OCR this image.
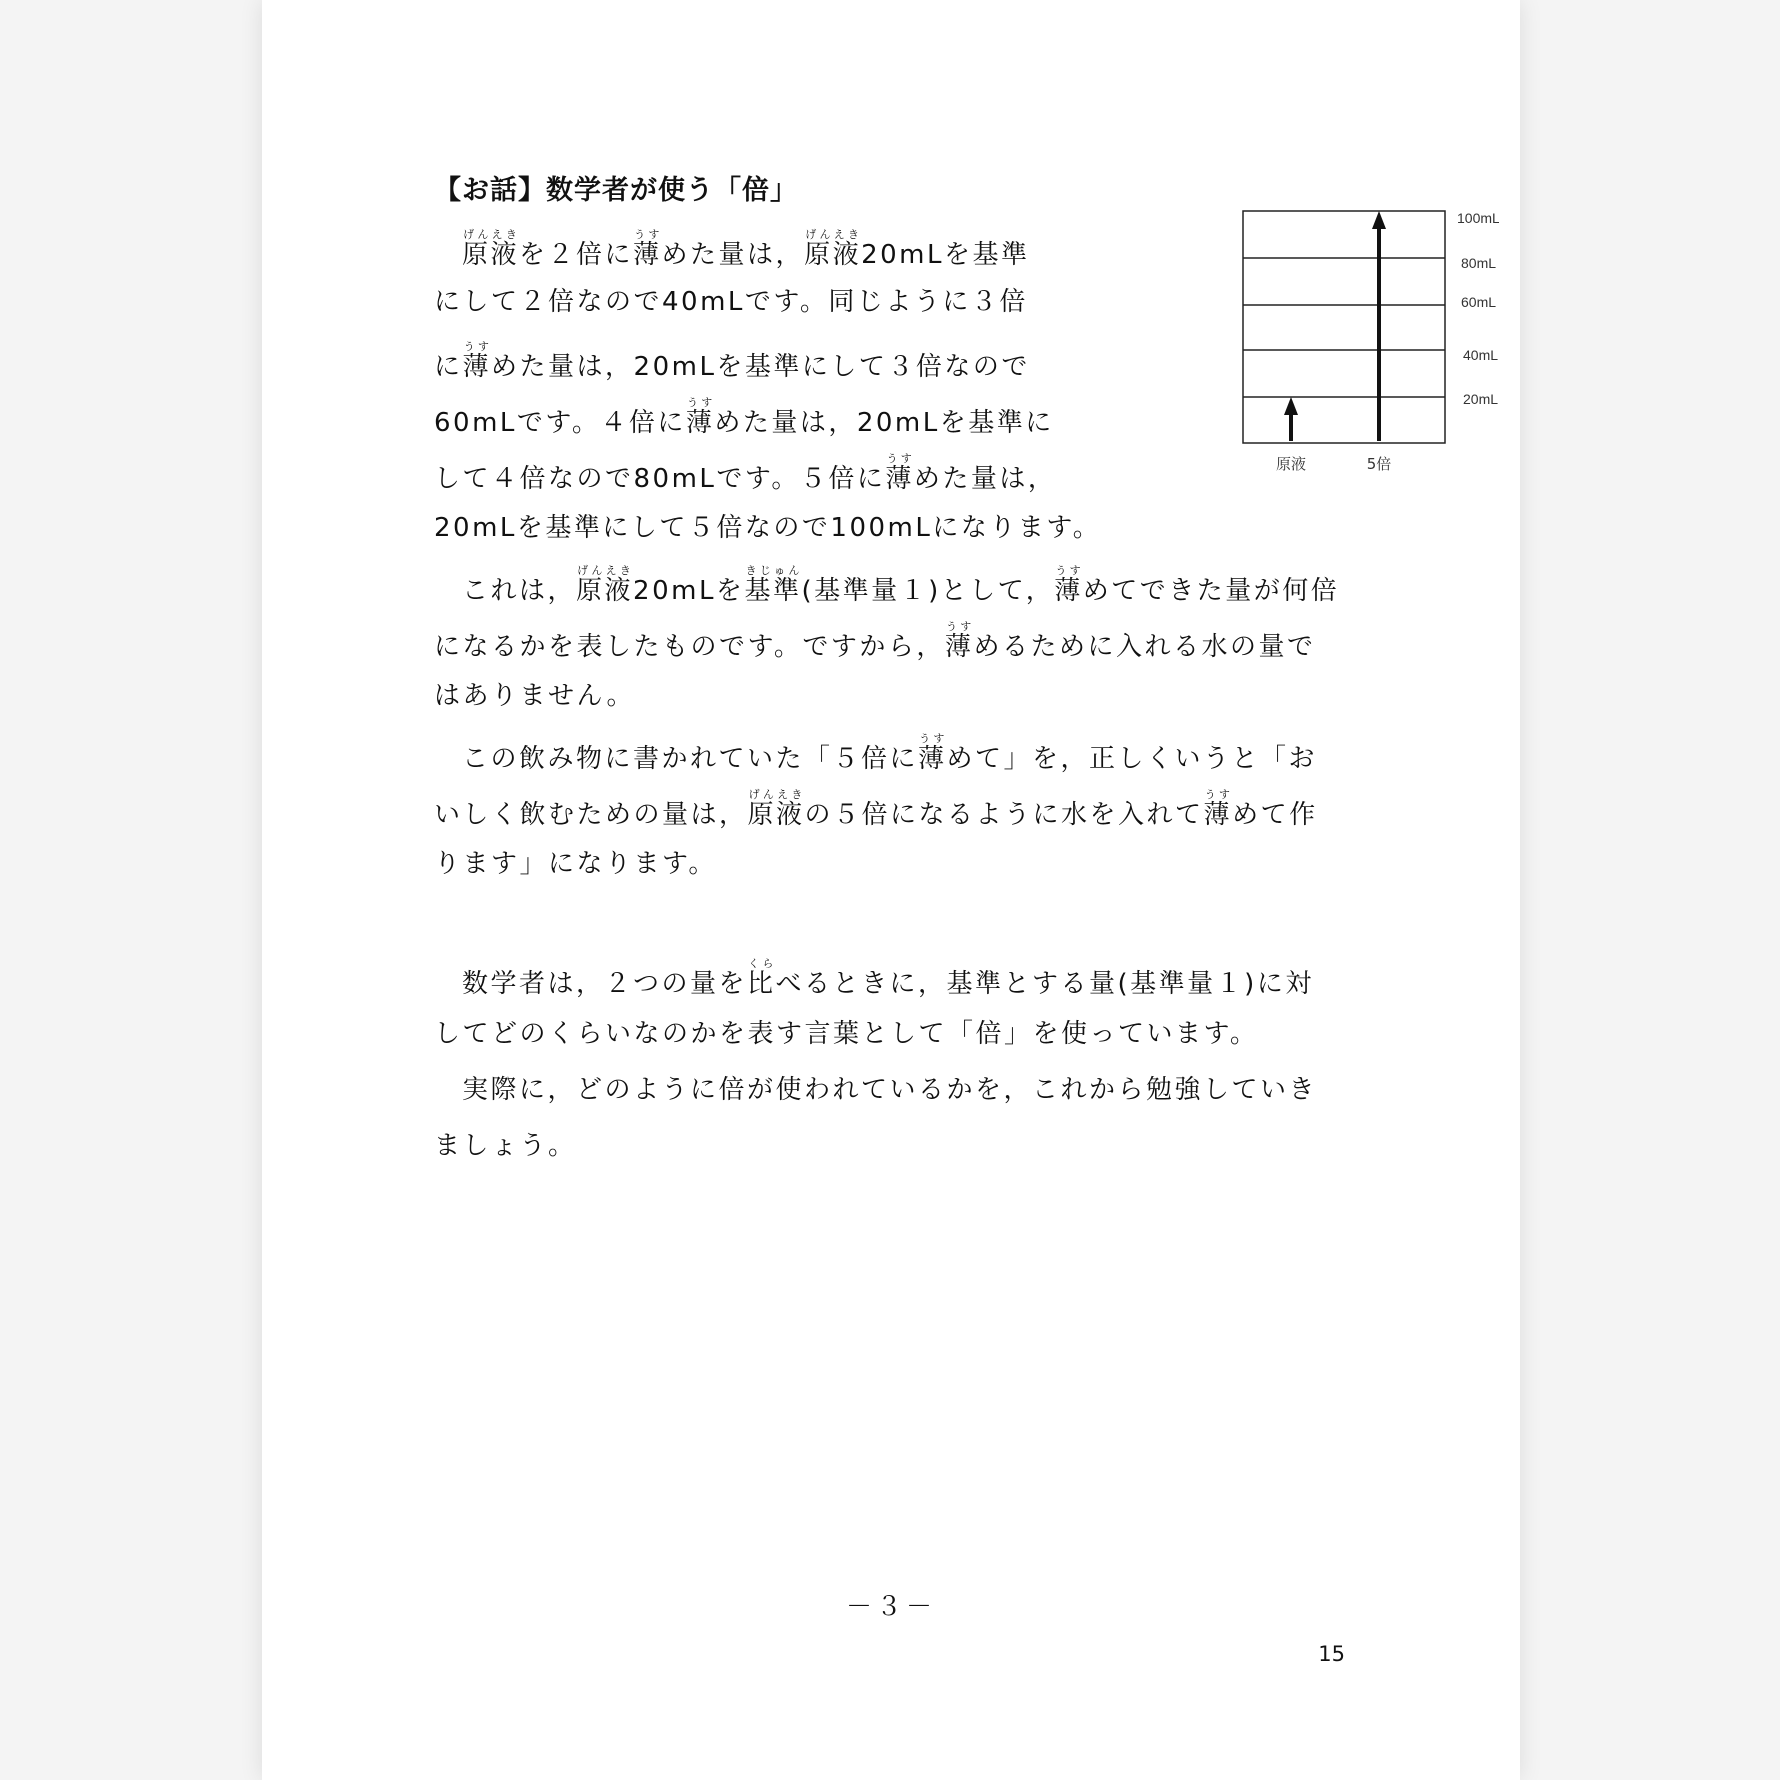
【お話】数学者が使う「倍」
100mL
80mL
60mL
40mL
20mL
原液	5倍
原液げんえきを２倍に薄うすめた量は，原液げんえき20mLを基準
にして２倍なので40mLです。同じように３倍
に薄うすめた量は，20mLを基準にして３倍なので
60mLです。４倍に薄うすめた量は，20mLを基準に
して４倍なので80mLです。５倍に薄うすめた量は，
20mLを基準にして５倍なので100mLになります。
これは，原液げんえき20mLを基準きじゅん(基準量１)として，薄うすめてできた量が何倍
になるかを表したものです。ですから，薄うすめるために入れる水の量で
はありません。
この飲み物に書かれていた「５倍に薄うすめて」を，正しくいうと「お
いしく飲むための量は，原液げんえきの５倍になるように水を入れて薄うすめて作
ります」になります。
数学者は，２つの量を比くらべるときに，基準とする量(基準量１)に対
してどのくらいなのかを表す言葉として「倍」を使っています。
実際に，どのように倍が使われているかを，これから勉強していき
ましょう。
－３－
15
